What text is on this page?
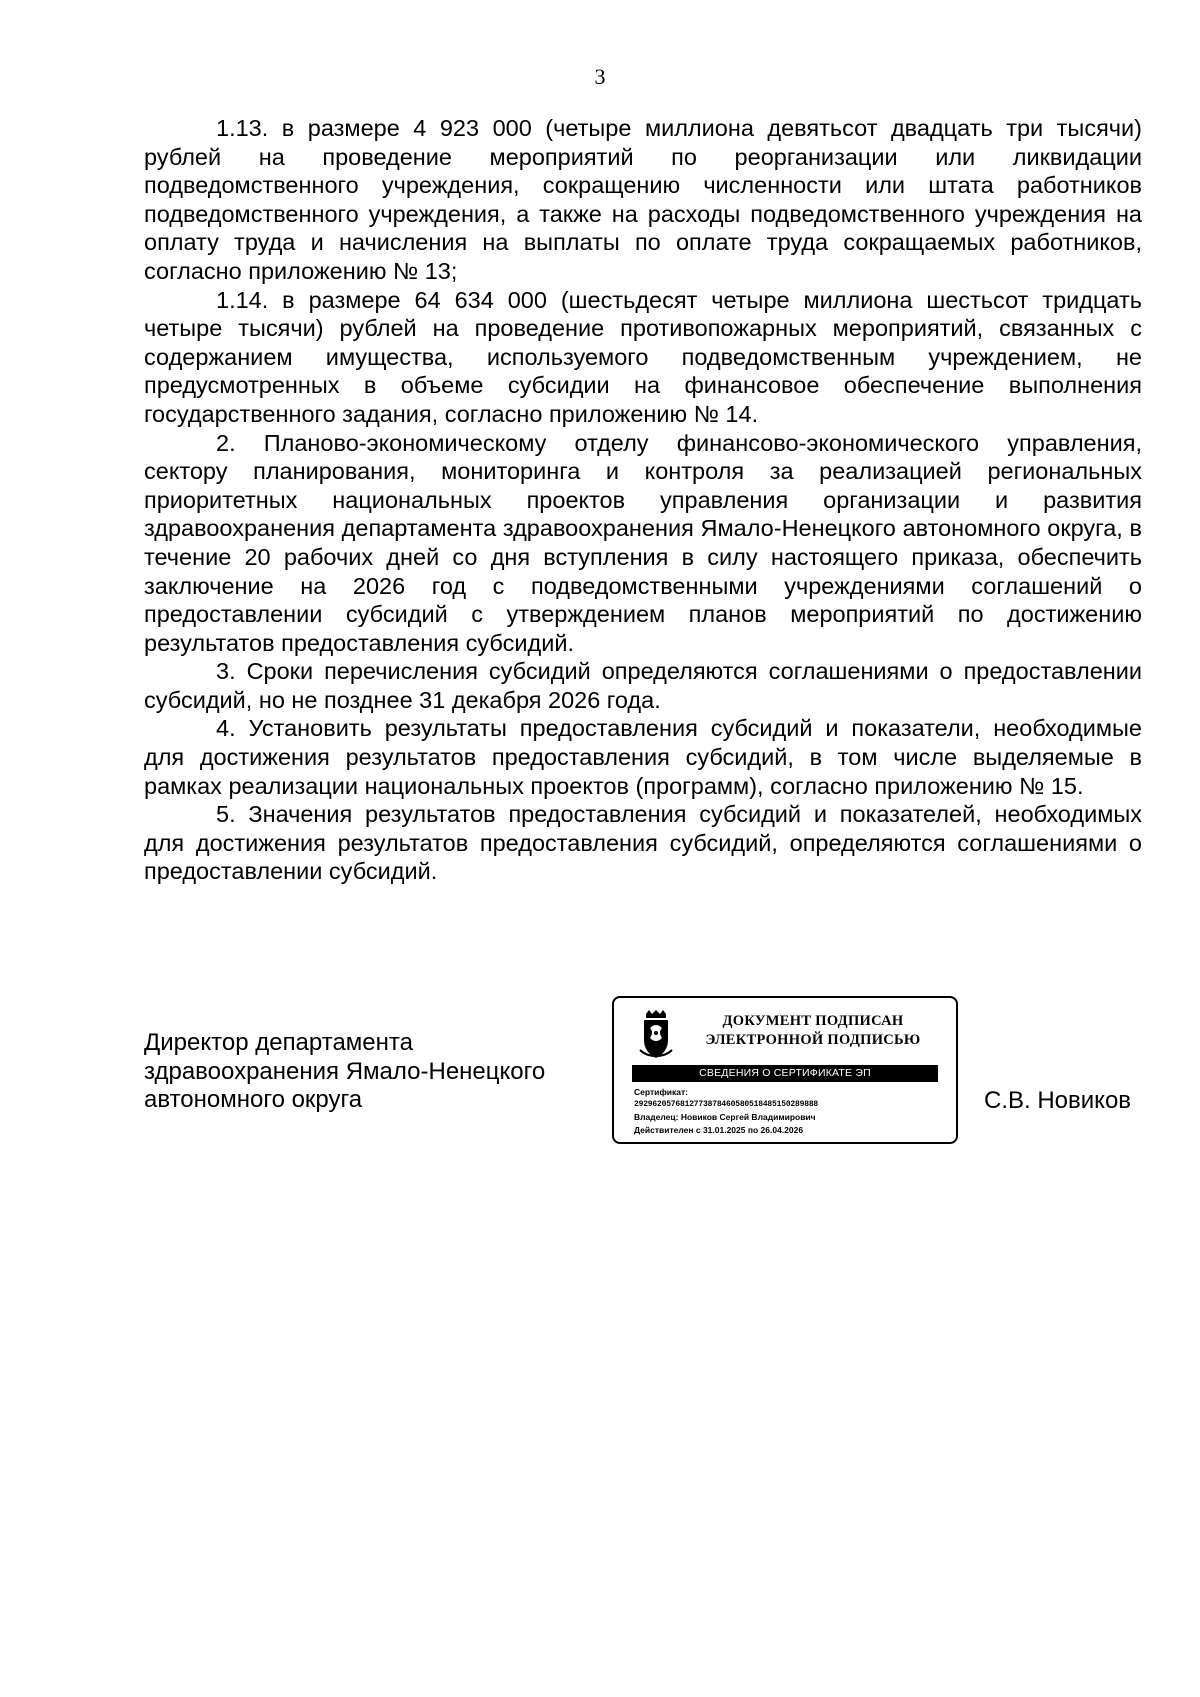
3

1.13. в размере 4 923 000 (четыре миллиона девятьсот двадцать три тысячи) рублей на проведение мероприятий по реорганизации или ликвидации подведомственного учреждения, сокращению численности или штата работников подведомственного учреждения, а также на расходы подведомственного учреждения на оплату труда и начисления на выплаты по оплате труда сокращаемых работников, согласно приложению № 13;

1.14. в размере 64 634 000 (шестьдесят четыре миллиона шестьсот тридцать четыре тысячи) рублей на проведение противопожарных мероприятий, связанных с содержанием имущества, используемого подведомственным учреждением, не предусмотренных в объеме субсидии на финансовое обеспечение выполнения государственного задания, согласно приложению № 14.

2. Планово-экономическому отделу финансово-экономического управления, сектору планирования, мониторинга и контроля за реализацией региональных приоритетных национальных проектов управления организации и развития здравоохранения департамента здравоохранения Ямало-Ненецкого автономного округа, в течение 20 рабочих дней со дня вступления в силу настоящего приказа, обеспечить заключение на 2026 год с подведомственными учреждениями соглашений о предоставлении субсидий с утверждением планов мероприятий по достижению результатов предоставления субсидий.

3. Сроки перечисления субсидий определяются соглашениями о предоставлении субсидий, но не позднее 31 декабря 2026 года.

4. Установить результаты предоставления субсидий и показатели, необходимые для достижения результатов предоставления субсидий, в том числе выделяемые в рамках реализации национальных проектов (программ), согласно приложению № 15.

5. Значения результатов предоставления субсидий и показателей, необходимых для достижения результатов предоставления субсидий, определяются соглашениями о предоставлении субсидий.

Директор департамента
здравоохранения Ямало-Ненецкого
автономного округа
ДОКУМЕНТ ПОДПИСАН
ЭЛЕКТРОННОЙ ПОДПИСЬЮ
СВЕДЕНИЯ О СЕРТИФИКАТЕ ЭП
Сертификат:
2929620576812773878460580518485150289888
Владелец: Новиков Сергей Владимирович
Действителен с 31.01.2025 по 26.04.2026
С.В. Новиков
